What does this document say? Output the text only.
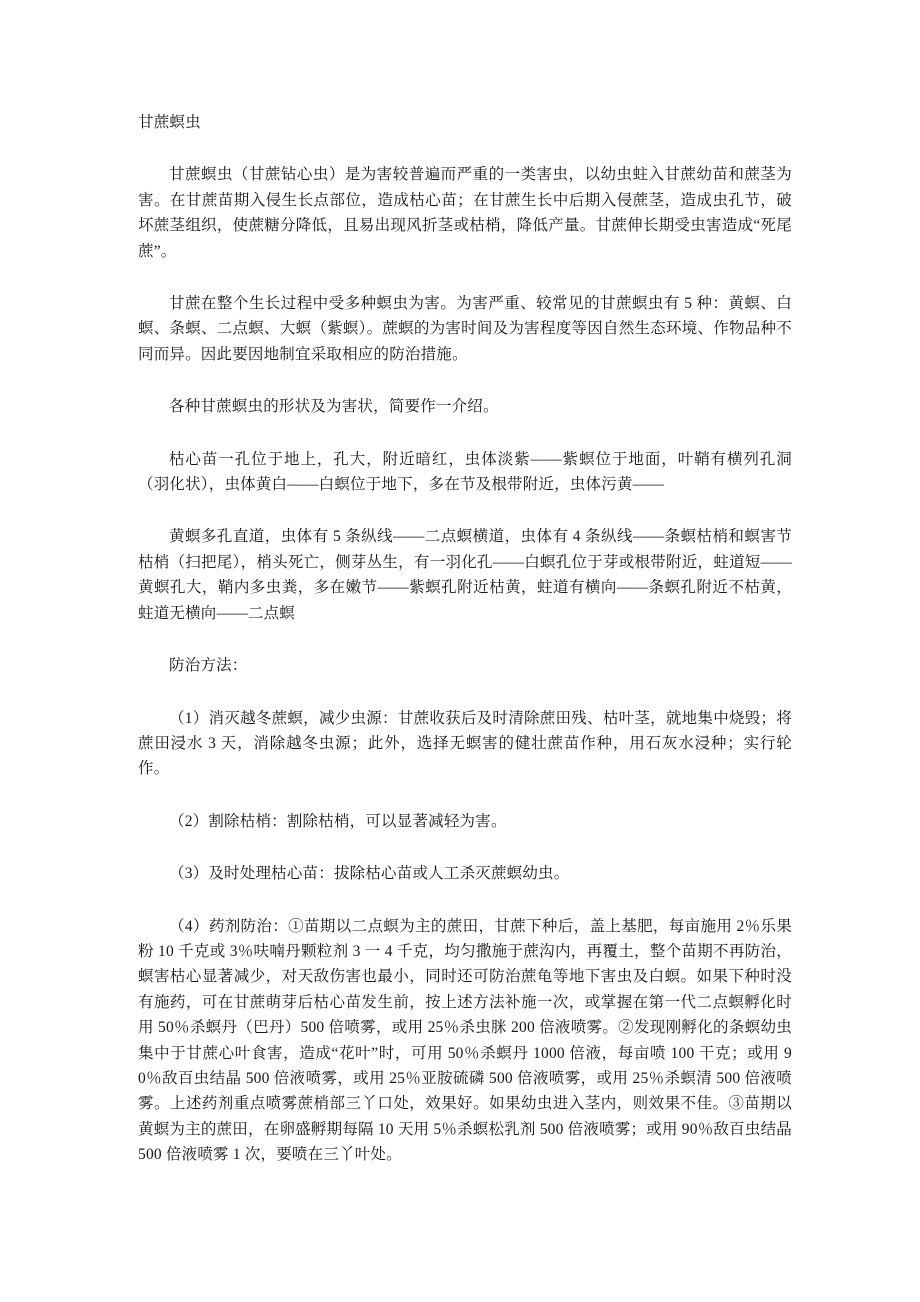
甘蔗螟虫

甘蔗螟虫（甘蔗钻心虫）是为害较普遍而严重的一类害虫，以幼虫蛀入甘蔗幼苗和蔗茎为害。在甘蔗苗期入侵生长点部位，造成枯心苗；在甘蔗生长中后期入侵蔗茎，造成虫孔节，破坏蔗茎组织，使蔗糖分降低，且易出现风折茎或枯梢，降低产量。甘蔗伸长期受虫害造成“死尾蔗”。

甘蔗在整个生长过程中受多种螟虫为害。为害严重、较常见的甘蔗螟虫有 5 种：黄螟、白螟、条螟、二点螟、大螟（紫螟）。蔗螟的为害时间及为害程度等因自然生态环境、作物品种不同而异。因此要因地制宜采取相应的防治措施。

各种甘蔗螟虫的形状及为害状，简要作一介绍。

枯心苗一孔位于地上，孔大，附近暗红，虫体淡紫——紫螟位于地面，叶鞘有横列孔洞（羽化状），虫体黄白——白螟位于地下，多在节及根带附近，虫体污黄——

黄螟多孔直道，虫体有 5 条纵线——二点螟横道，虫体有 4 条纵线——条螟枯梢和螟害节枯梢（扫把尾），梢头死亡，侧芽丛生，有一羽化孔——白螟孔位于芽或根带附近，蛀道短——黄螟孔大，鞘内多虫粪，多在嫩节——紫螟孔附近枯黄，蛀道有横向——条螟孔附近不枯黄，蛀道无横向——二点螟

防治方法：

（1）消灭越冬蔗螟，减少虫源：甘蔗收获后及时清除蔗田残、枯叶茎，就地集中烧毁；将蔗田浸水 3 天，消除越冬虫源；此外，选择无螟害的健壮蔗苗作种，用石灰水浸种；实行轮作。

（2）割除枯梢：割除枯梢，可以显著减轻为害。

（3）及时处理枯心苗：拔除枯心苗或人工杀灭蔗螟幼虫。

（4）药剂防治：①苗期以二点螟为主的蔗田，甘蔗下种后，盖上基肥，每亩施用 2％乐果粉 10 千克或 3％呋喃丹颗粒剂 3 一 4 千克，均匀撒施于蔗沟内，再覆土，整个苗期不再防治，螟害枯心显著减少，对天敌伤害也最小，同时还可防治蔗龟等地下害虫及白螟。如果下种时没有施药，可在甘蔗萌芽后枯心苗发生前，按上述方法补施一次，或掌握在第一代二点螟孵化时用 50％杀螟丹（巴丹）500 倍喷雾，或用 25％杀虫脒 200 倍液喷雾。②发现刚孵化的条螟幼虫集中于甘蔗心叶食害，造成“花叶”时，可用 50％杀螟丹 1000 倍液，每亩喷 100 干克；或用 90％敌百虫结晶 500 倍液喷雾，或用 25％亚胺硫磷 500 倍液喷雾，或用 25％杀螟清 500 倍液喷雾。上述药剂重点喷雾蔗梢部三丫口处，效果好。如果幼虫进入茎内，则效果不佳。③苗期以黄螟为主的蔗田，在卵盛孵期每隔 10 天用 5％杀螟松乳剂 500 倍液喷雾；或用 90％敌百虫结晶 500 倍液喷雾 1 次，要喷在三丫叶处。
